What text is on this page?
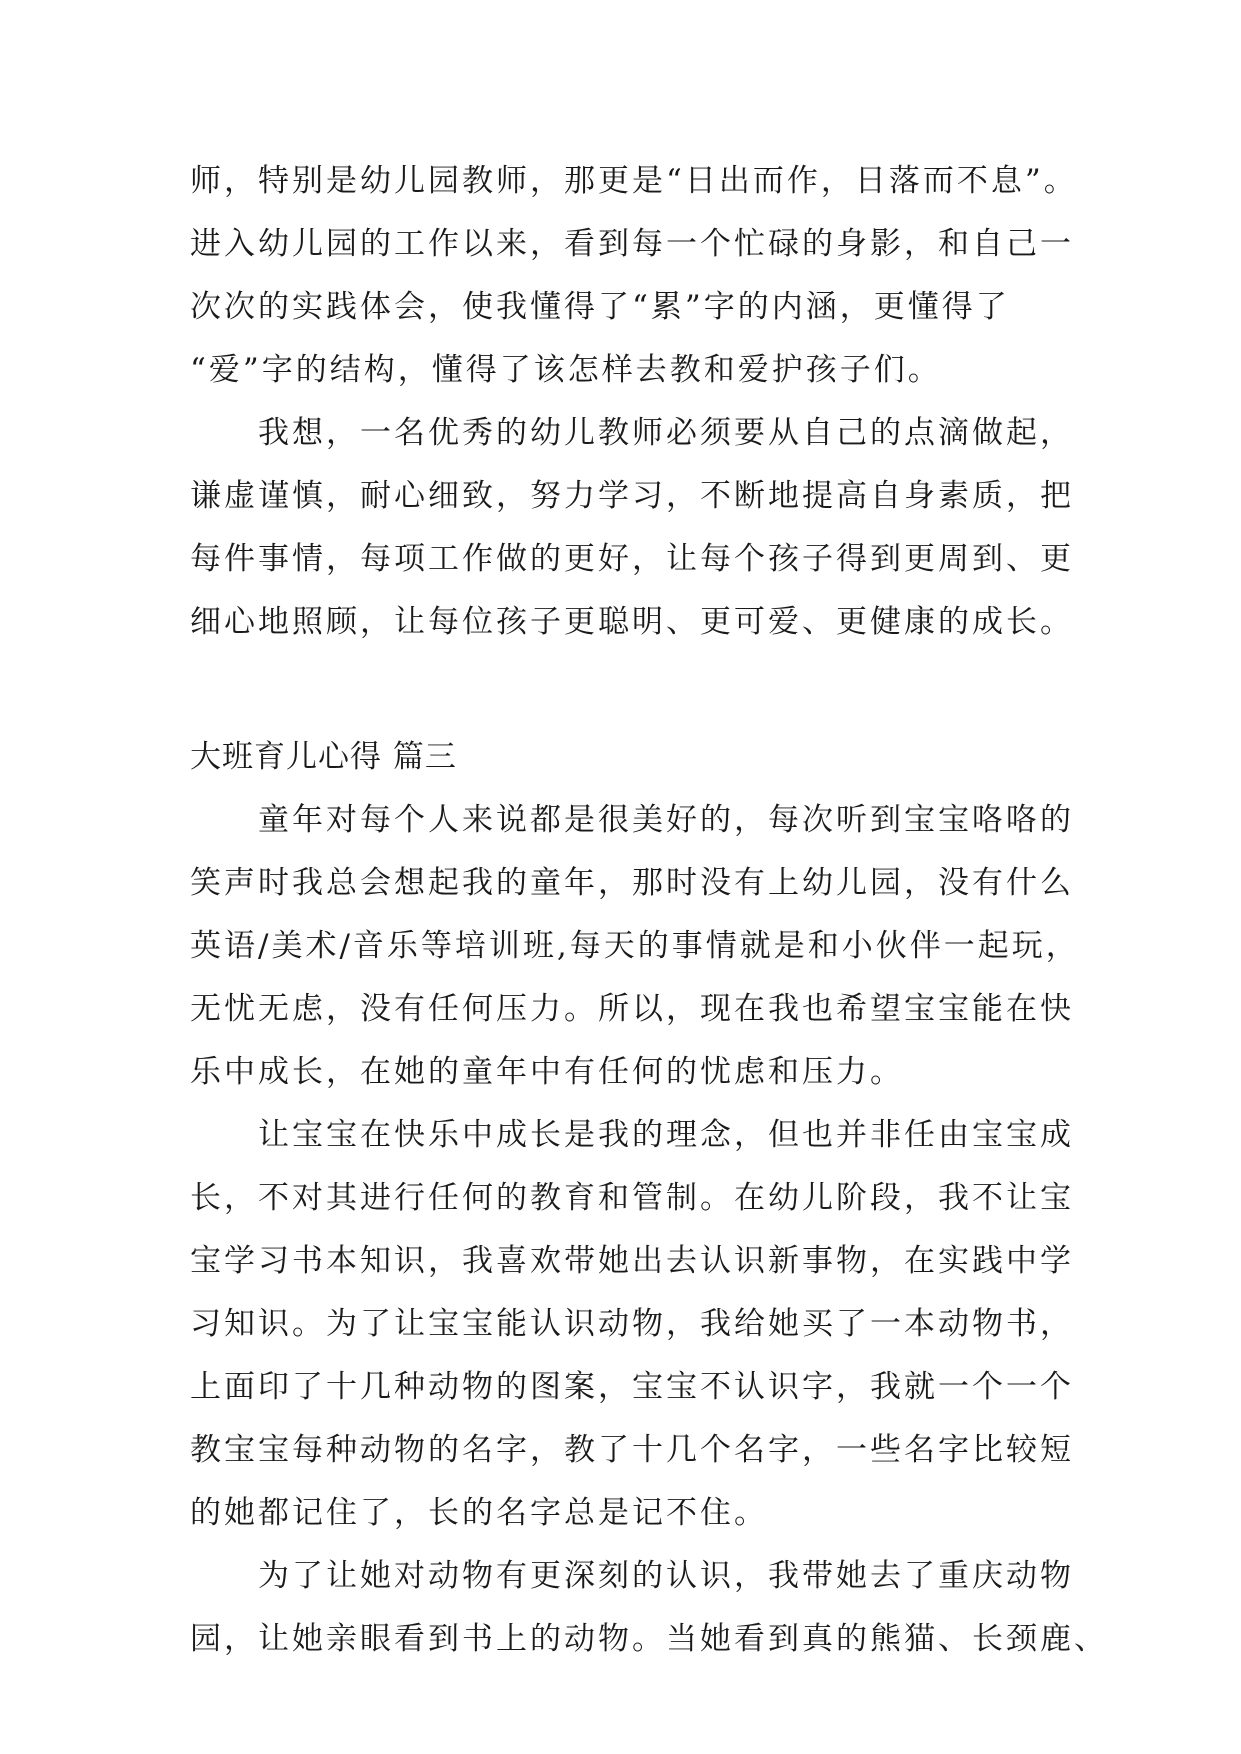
师，特别是幼儿园教师，那更是“日出而作，日落而不息”。
进入幼儿园的工作以来，看到每一个忙碌的身影，和自己一
次次的实践体会，使我懂得了“累”字的内涵，更懂得了
“爱”字的结构，懂得了该怎样去教和爱护孩子们。
我想，一名优秀的幼儿教师必须要从自己的点滴做起，
谦虚谨慎，耐心细致，努力学习，不断地提高自身素质，把
每件事情，每项工作做的更好，让每个孩子得到更周到、更
细心地照顾，让每位孩子更聪明、更可爱、更健康的成长。
大班育儿心得 篇三
童年对每个人来说都是很美好的，每次听到宝宝咯咯的
笑声时我总会想起我的童年，那时没有上幼儿园，没有什么
英语/美术/音乐等培训班,每天的事情就是和小伙伴一起玩，
无忧无虑，没有任何压力。所以，现在我也希望宝宝能在快
乐中成长，在她的童年中有任何的忧虑和压力。
让宝宝在快乐中成长是我的理念，但也并非任由宝宝成
长，不对其进行任何的教育和管制。在幼儿阶段，我不让宝
宝学习书本知识，我喜欢带她出去认识新事物，在实践中学
习知识。为了让宝宝能认识动物，我给她买了一本动物书，
上面印了十几种动物的图案，宝宝不认识字，我就一个一个
教宝宝每种动物的名字，教了十几个名字，一些名字比较短
的她都记住了，长的名字总是记不住。
为了让她对动物有更深刻的认识，我带她去了重庆动物
园，让她亲眼看到书上的动物。当她看到真的熊猫、长颈鹿、
